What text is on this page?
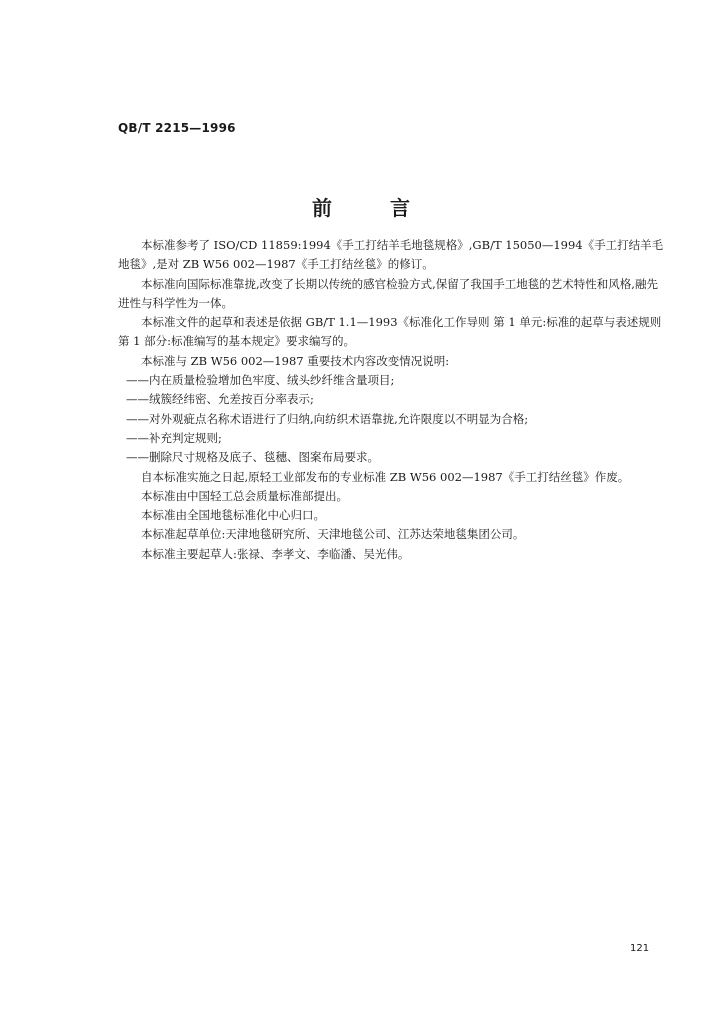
QB/T 2215—1996
前	言

本标准参考了 ISO/CD 11859:1994《手工打结羊毛地毯规格》,GB/T 15050—1994《手工打结羊毛地毯》,是对 ZB W56 002—1987《手工打结丝毯》的修订。

本标准向国际标准靠拢,改变了长期以传统的感官检验方式,保留了我国手工地毯的艺术特性和风格,融先进性与科学性为一体。

本标准文件的起草和表述是依据 GB/T 1.1—1993《标准化工作导则 第 1 单元:标准的起草与表述规则 第 1 部分:标准编写的基本规定》要求编写的。

本标准与 ZB W56 002—1987 重要技术内容改变情况说明:

——内在质量检验增加色牢度、绒头纱纤维含量项目;

——绒簇经纬密、允差按百分率表示;

——对外观疵点名称术语进行了归纳,向纺织术语靠拢,允许限度以不明显为合格;

——补充判定规则;

——删除尺寸规格及底子、毯穗、图案布局要求。

自本标准实施之日起,原轻工业部发布的专业标准 ZB W56 002—1987《手工打结丝毯》作废。

本标准由中国轻工总会质量标准部提出。

本标准由全国地毯标准化中心归口。

本标准起草单位:天津地毯研究所、天津地毯公司、江苏达荣地毯集团公司。

本标准主要起草人:张禄、李孝文、李临潘、吴光伟。

121
